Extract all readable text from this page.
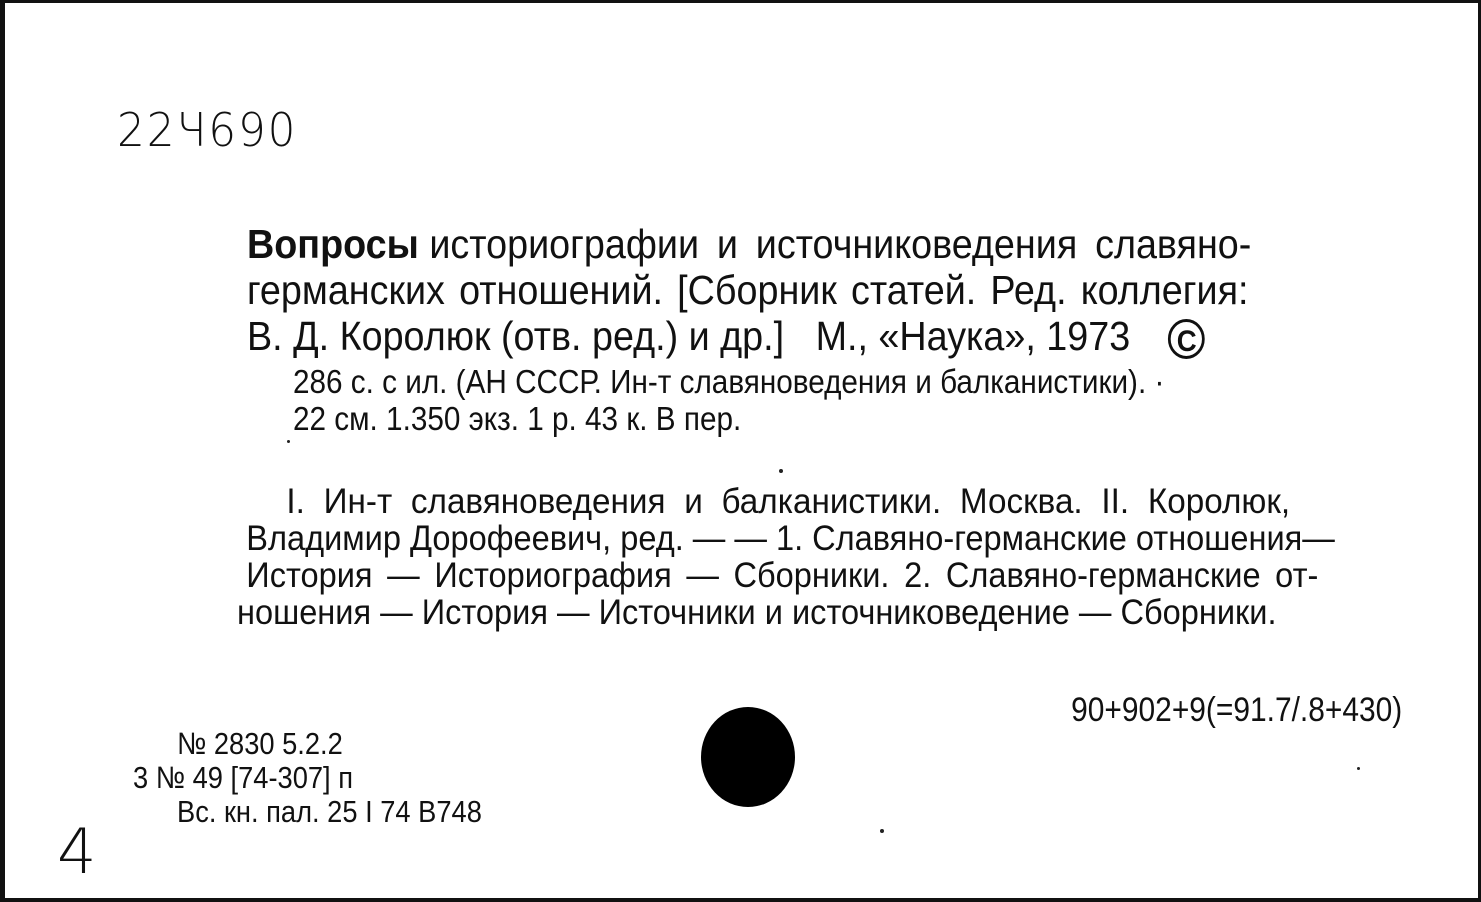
22Ч690
Вопросы историографии и источниковедения славяно-
германских отношений. [Сборник статей. Ред. коллегия:
В. Д. Королюк (отв. ред.) и др.]   М., «Наука», 1973 C
286 с. с ил. (АН СССР. Ин-т славяноведения и балканистики). ·
22 см. 1.350 экз. 1 р. 43 к. В пер.
I. Ин-т славяноведения и балканистики. Москва. II. Королюк,
Владимир Дорофеевич, ред. — — 1. Славяно-германские отношения—
История — Историография — Сборники. 2. Славяно-германские от-
ношения — История — Источники и источниковедение — Сборники.
90+902+9(=91.7/.8+430)
№ 2830 5.2.2
3 № 49 [74-307] п
Вс. кн. пал. 25 I 74 В748
4
